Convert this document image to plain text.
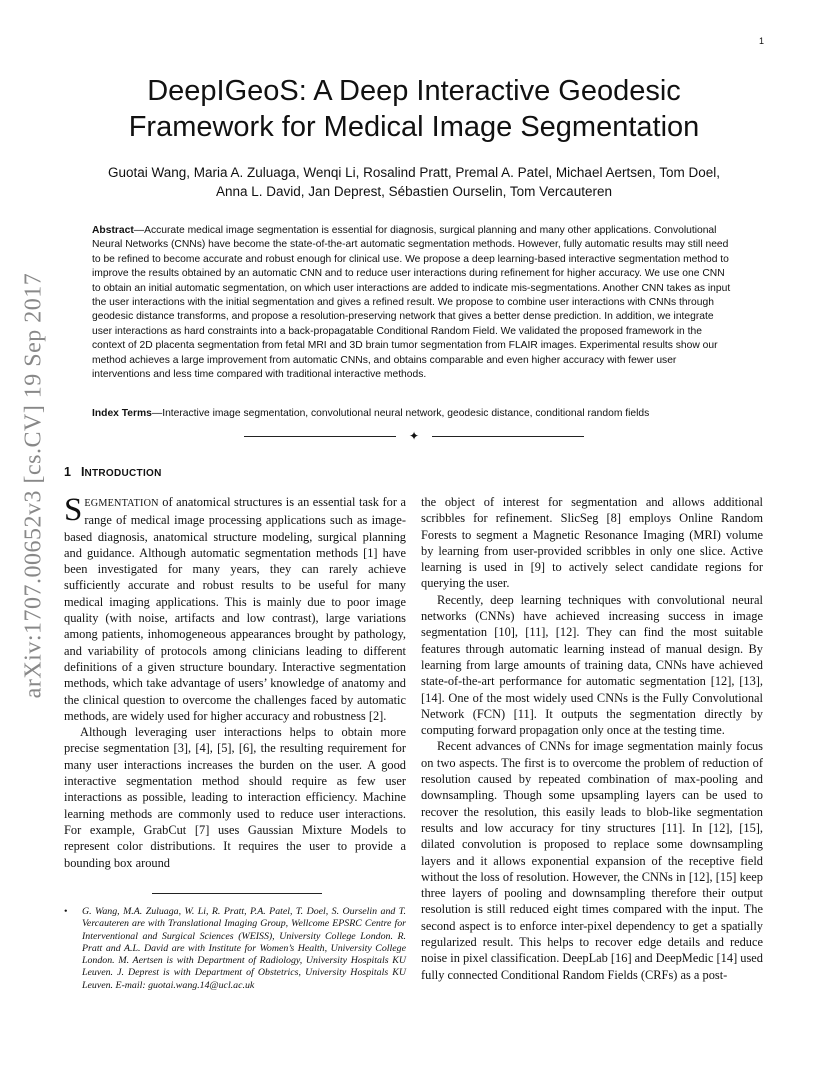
1
arXiv:1707.00652v3 [cs.CV] 19 Sep 2017
DeepIGeoS: A Deep Interactive Geodesic
Framework for Medical Image Segmentation
Guotai Wang, Maria A. Zuluaga, Wenqi Li, Rosalind Pratt, Premal A. Patel, Michael Aertsen, Tom Doel,
Anna L. David, Jan Deprest, Sébastien Ourselin, Tom Vercauteren

Abstract—Accurate medical image segmentation is essential for diagnosis, surgical planning and many other applications. Convolutional Neural Networks (CNNs) have become the state-of-the-art automatic segmentation methods. However, fully automatic results may still need to be refined to become accurate and robust enough for clinical use. We propose a deep learning-based interactive segmentation method to improve the results obtained by an automatic CNN and to reduce user interactions during refinement for higher accuracy. We use one CNN to obtain an initial automatic segmentation, on which user interactions are added to indicate mis-segmentations. Another CNN takes as input the user interactions with the initial segmentation and gives a refined result. We propose to combine user interactions with CNNs through geodesic distance transforms, and propose a resolution-preserving network that gives a better dense prediction. In addition, we integrate user interactions as hard constraints into a back-propagatable Conditional Random Field. We validated the proposed framework in the context of 2D placenta segmentation from fetal MRI and 3D brain tumor segmentation from FLAIR images. Experimental results show our method achieves a large improvement from automatic CNNs, and obtains comparable and even higher accuracy with fewer user interventions and less time compared with traditional interactive methods.

Index Terms—Interactive image segmentation, convolutional neural network, geodesic distance, conditional random fields

✦
1 INTRODUCTION

SEGMENTATION of anatomical structures is an essential task for a range of medical image processing applications such as image-based diagnosis, anatomical structure modeling, surgical planning and guidance. Although automatic segmentation methods [1] have been investigated for many years, they can rarely achieve sufficiently accurate and robust results to be useful for many medical imaging applications. This is mainly due to poor image quality (with noise, artifacts and low contrast), large variations among patients, inhomogeneous appearances brought by pathology, and variability of protocols among clinicians leading to different definitions of a given structure boundary. Interactive segmentation methods, which take advantage of users’ knowledge of anatomy and the clinical question to overcome the challenges faced by automatic methods, are widely used for higher accuracy and robustness [2].

Although leveraging user interactions helps to obtain more precise segmentation [3], [4], [5], [6], the resulting requirement for many user interactions increases the burden on the user. A good interactive segmentation method should require as few user interactions as possible, leading to interaction efficiency. Machine learning methods are commonly used to reduce user interactions. For example, GrabCut [7] uses Gaussian Mixture Models to represent color distributions. It requires the user to provide a bounding box around

• G. Wang, M.A. Zuluaga, W. Li, R. Pratt, P.A. Patel, T. Doel, S. Ourselin and T. Vercauteren are with Translational Imaging Group, Wellcome EPSRC Centre for Interventional and Surgical Sciences (WEISS), University College London. R. Pratt and A.L. David are with Institute for Women’s Health, University College London. M. Aertsen is with Department of Radiology, University Hospitals KU Leuven. J. Deprest is with Department of Obstetrics, University Hospitals KU Leuven. E-mail: guotai.wang.14@ucl.ac.uk

the object of interest for segmentation and allows additional scribbles for refinement. SlicSeg [8] employs Online Random Forests to segment a Magnetic Resonance Imaging (MRI) volume by learning from user-provided scribbles in only one slice. Active learning is used in [9] to actively select candidate regions for querying the user.

Recently, deep learning techniques with convolutional neural networks (CNNs) have achieved increasing success in image segmentation [10], [11], [12]. They can find the most suitable features through automatic learning instead of manual design. By learning from large amounts of training data, CNNs have achieved state-of-the-art performance for automatic segmentation [12], [13], [14]. One of the most widely used CNNs is the Fully Convolutional Network (FCN) [11]. It outputs the segmentation directly by computing forward propagation only once at the testing time.

Recent advances of CNNs for image segmentation mainly focus on two aspects. The first is to overcome the problem of reduction of resolution caused by repeated combination of max-pooling and downsampling. Though some upsampling layers can be used to recover the resolution, this easily leads to blob-like segmentation results and low accuracy for tiny structures [11]. In [12], [15], dilated convolution is proposed to replace some downsampling layers and it allows exponential expansion of the receptive field without the loss of resolution. However, the CNNs in [12], [15] keep three layers of pooling and downsampling therefore their output resolution is still reduced eight times compared with the input. The second aspect is to enforce inter-pixel dependency to get a spatially regularized result. This helps to recover edge details and reduce noise in pixel classification. DeepLab [16] and DeepMedic [14] used fully connected Conditional Random Fields (CRFs) as a post-
